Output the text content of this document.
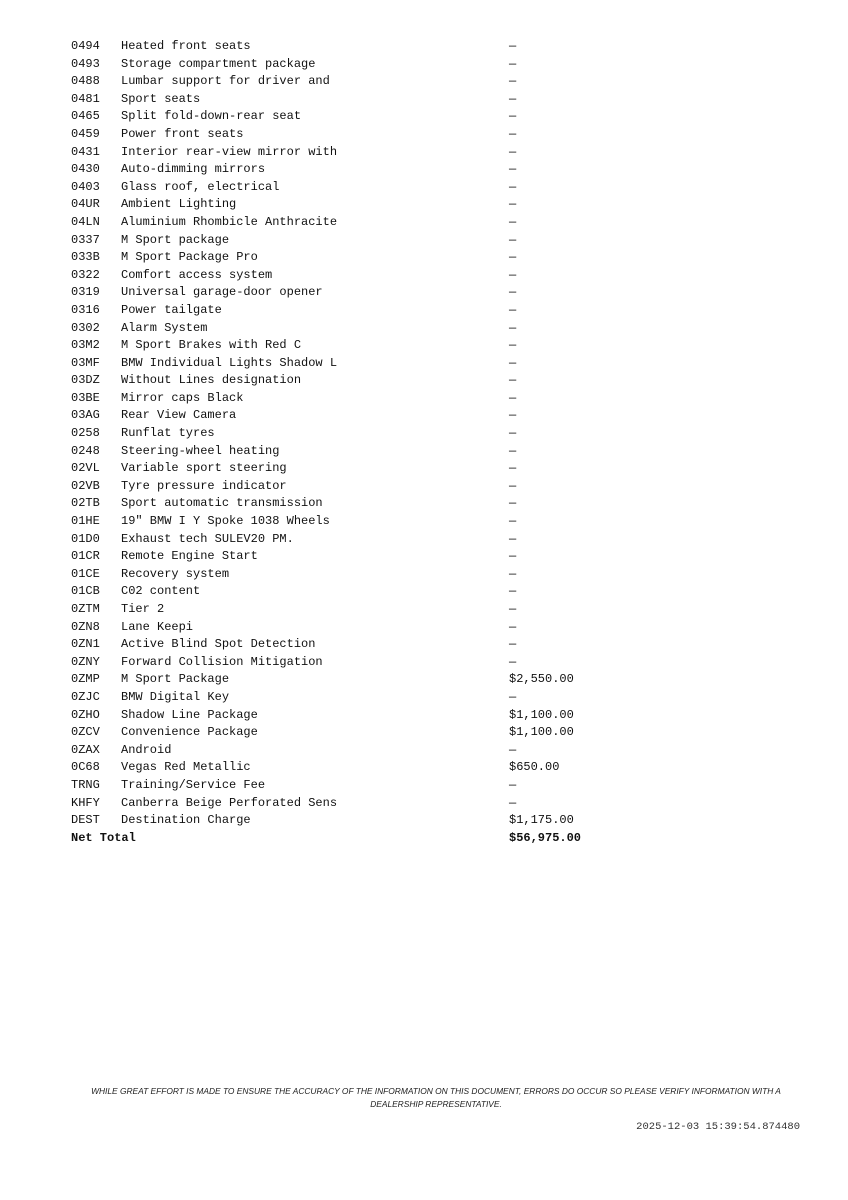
0494	Heated front seats	—
0493	Storage compartment package	—
0488	Lumbar support for driver and	—
0481	Sport seats	—
0465	Split fold-down-rear seat	—
0459	Power front seats	—
0431	Interior rear-view mirror with	—
0430	Auto-dimming mirrors	—
0403	Glass roof, electrical	—
04UR	Ambient Lighting	—
04LN	Aluminium Rhombicle Anthracite	—
0337	M Sport package	—
033B	M Sport Package Pro	—
0322	Comfort access system	—
0319	Universal garage-door opener	—
0316	Power tailgate	—
0302	Alarm System	—
03M2	M Sport Brakes with Red C	—
03MF	BMW Individual Lights Shadow L	—
03DZ	Without Lines designation	—
03BE	Mirror caps Black	—
03AG	Rear View Camera	—
0258	Runflat tyres	—
0248	Steering-wheel heating	—
02VL	Variable sport steering	—
02VB	Tyre pressure indicator	—
02TB	Sport automatic transmission	—
01HE	19" BMW I Y Spoke 1038 Wheels	—
01D0	Exhaust tech SULEV20 PM.	—
01CR	Remote Engine Start	—
01CE	Recovery system	—
01CB	C02 content	—
0ZTM	Tier 2	—
0ZN8	Lane Keepi	—
0ZN1	Active Blind Spot Detection	—
0ZNY	Forward Collision Mitigation	—
0ZMP	M Sport Package	$2,550.00
0ZJC	BMW Digital Key	—
0ZHO	Shadow Line Package	$1,100.00
0ZCV	Convenience Package	$1,100.00
0ZAX	Android	—
0C68	Vegas Red Metallic	$650.00
TRNG	Training/Service Fee	—
KHFY	Canberra Beige Perforated Sens	—
DEST	Destination Charge	$1,175.00
Net Total	$56,975.00
WHILE GREAT EFFORT IS MADE TO ENSURE THE ACCURACY OF THE INFORMATION ON THIS DOCUMENT, ERRORS DO OCCUR SO PLEASE VERIFY INFORMATION WITH A DEALERSHIP REPRESENTATIVE.
2025-12-03 15:39:54.874480
